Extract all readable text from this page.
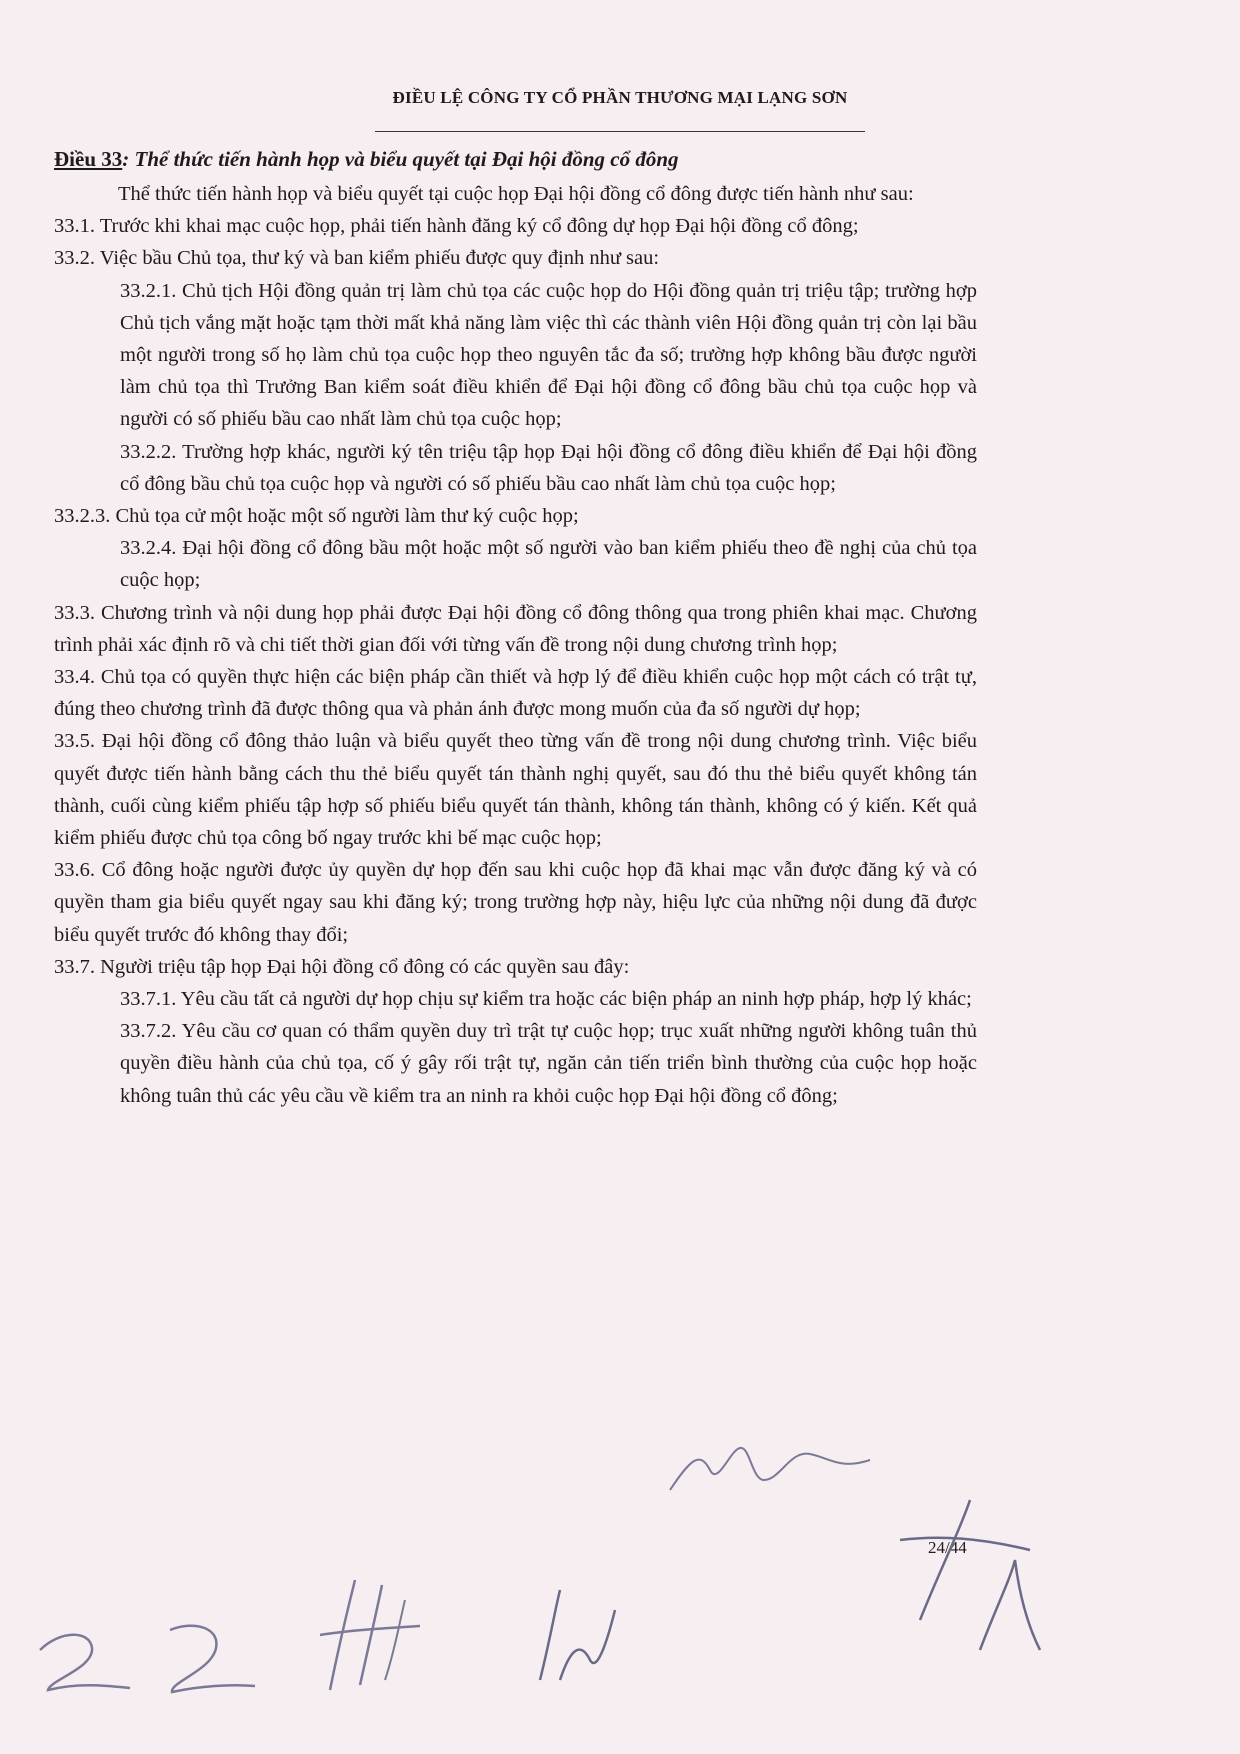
ĐIỀU LỆ CÔNG TY CỔ PHẦN THƯƠNG MẠI LẠNG SƠN
Điều 33: Thể thức tiến hành họp và biểu quyết tại Đại hội đồng cổ đông

Thể thức tiến hành họp và biểu quyết tại cuộc họp Đại hội đồng cổ đông được tiến hành như sau:

33.1. Trước khi khai mạc cuộc họp, phải tiến hành đăng ký cổ đông dự họp Đại hội đồng cổ đông;

33.2. Việc bầu Chủ tọa, thư ký và ban kiểm phiếu được quy định như sau:

33.2.1. Chủ tịch Hội đồng quản trị làm chủ tọa các cuộc họp do Hội đồng quản trị triệu tập; trường hợp Chủ tịch vắng mặt hoặc tạm thời mất khả năng làm việc thì các thành viên Hội đồng quản trị còn lại bầu một người trong số họ làm chủ tọa cuộc họp theo nguyên tắc đa số; trường hợp không bầu được người làm chủ tọa thì Trưởng Ban kiểm soát điều khiển để Đại hội đồng cổ đông bầu chủ tọa cuộc họp và người có số phiếu bầu cao nhất làm chủ tọa cuộc họp;

33.2.2. Trường hợp khác, người ký tên triệu tập họp Đại hội đồng cổ đông điều khiển để Đại hội đồng cổ đông bầu chủ tọa cuộc họp và người có số phiếu bầu cao nhất làm chủ tọa cuộc họp;

33.2.3. Chủ tọa cử một hoặc một số người làm thư ký cuộc họp;

33.2.4. Đại hội đồng cổ đông bầu một hoặc một số người vào ban kiểm phiếu theo đề nghị của chủ tọa cuộc họp;

33.3. Chương trình và nội dung họp phải được Đại hội đồng cổ đông thông qua trong phiên khai mạc. Chương trình phải xác định rõ và chi tiết thời gian đối với từng vấn đề trong nội dung chương trình họp;

33.4. Chủ tọa có quyền thực hiện các biện pháp cần thiết và hợp lý để điều khiển cuộc họp một cách có trật tự, đúng theo chương trình đã được thông qua và phản ánh được mong muốn của đa số người dự họp;

33.5. Đại hội đồng cổ đông thảo luận và biểu quyết theo từng vấn đề trong nội dung chương trình. Việc biểu quyết được tiến hành bằng cách thu thẻ biểu quyết tán thành nghị quyết, sau đó thu thẻ biểu quyết không tán thành, cuối cùng kiểm phiếu tập hợp số phiếu biểu quyết tán thành, không tán thành, không có ý kiến. Kết quả kiểm phiếu được chủ tọa công bố ngay trước khi bế mạc cuộc họp;

33.6. Cổ đông hoặc người được ủy quyền dự họp đến sau khi cuộc họp đã khai mạc vẫn được đăng ký và có quyền tham gia biểu quyết ngay sau khi đăng ký; trong trường hợp này, hiệu lực của những nội dung đã được biểu quyết trước đó không thay đổi;

33.7. Người triệu tập họp Đại hội đồng cổ đông có các quyền sau đây:

33.7.1. Yêu cầu tất cả người dự họp chịu sự kiểm tra hoặc các biện pháp an ninh hợp pháp, hợp lý khác;

33.7.2. Yêu cầu cơ quan có thẩm quyền duy trì trật tự cuộc họp; trục xuất những người không tuân thủ quyền điều hành của chủ tọa, cố ý gây rối trật tự, ngăn cản tiến triển bình thường của cuộc họp hoặc không tuân thủ các yêu cầu về kiểm tra an ninh ra khỏi cuộc họp Đại hội đồng cổ đông;

24/44
